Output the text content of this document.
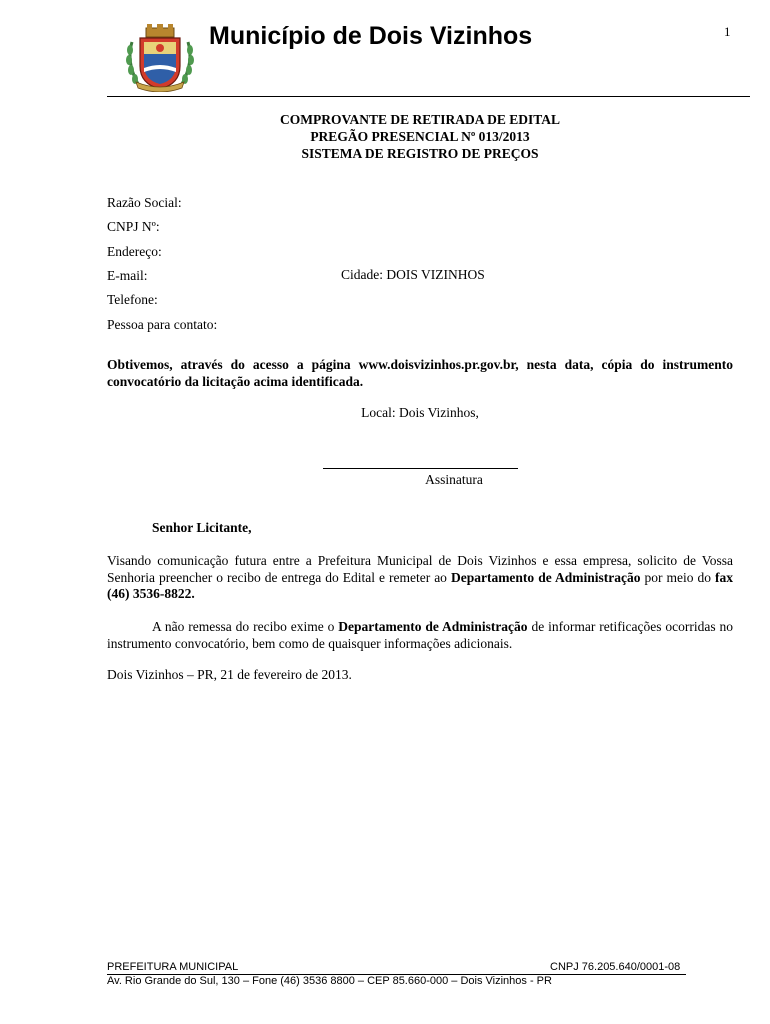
Município de Dois Vizinhos	1
COMPROVANTE DE RETIRADA DE EDITAL
PREGÃO PRESENCIAL Nº 013/2013
SISTEMA DE REGISTRO DE PREÇOS
Razão Social:
CNPJ Nº:
Endereço:
E-mail:	Cidade: DOIS VIZINHOS
Telefone:
Pessoa para contato:
Obtivemos, através do acesso a página www.doisvizinhos.pr.gov.br, nesta data, cópia do instrumento convocatório da licitação acima identificada.
Local: Dois Vizinhos,
Assinatura
Senhor Licitante,
Visando comunicação futura entre a Prefeitura Municipal de Dois Vizinhos e essa empresa, solicito de Vossa Senhoria preencher o recibo de entrega do Edital e remeter ao Departamento de Administração por meio do fax (46) 3536-8822.
A não remessa do recibo exime o Departamento de Administração de informar retificações ocorridas no instrumento convocatório, bem como de quaisquer informações adicionais.
Dois Vizinhos – PR, 21 de fevereiro de 2013.
PREFEITURA MUNICIPAL	CNPJ 76.205.640/0001-08
Av. Rio Grande do Sul, 130 – Fone (46) 3536 8800 – CEP 85.660-000 – Dois Vizinhos - PR
